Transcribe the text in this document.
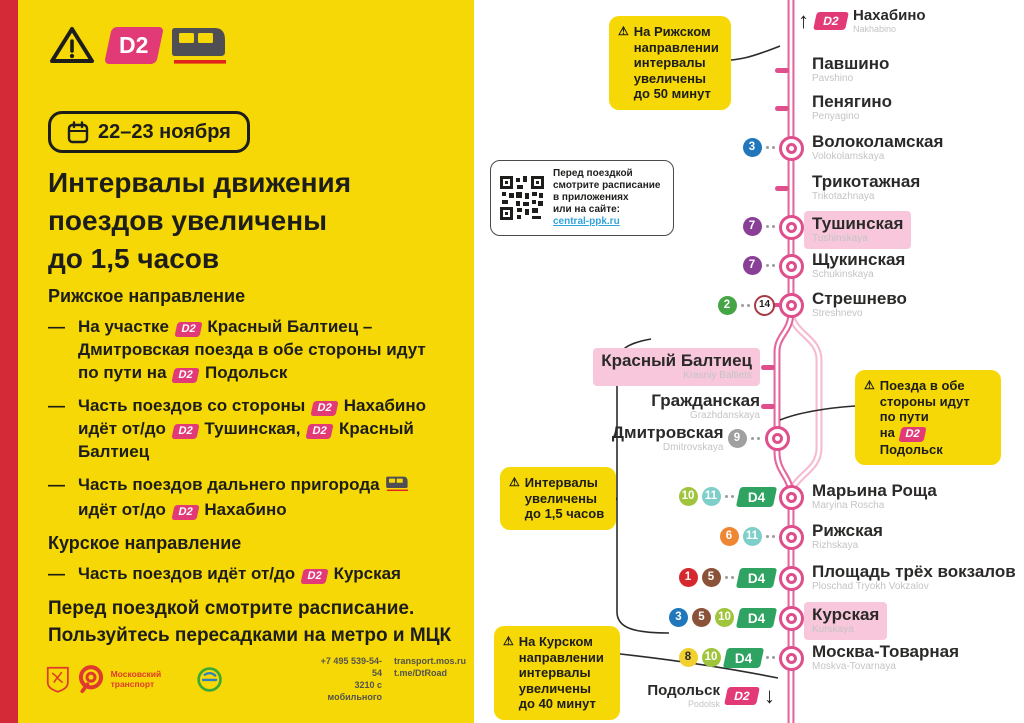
D2
22–23 ноября
Интервалы движения
поездов увеличены
до 1,5 часов
Рижское направление
— На участке D2 Красный Балтиец –
Дмитровская поезда в обе стороны идут
по пути на D2 Подольск
— Часть поездов со стороны D2 Нахабино
идёт от/до D2 Тушинская, D2 Красный
Балтиец
— Часть поездов дальнего пригорода
идёт от/до D2 Нахабино
Курское направление
— Часть поездов идёт от/до D2 Курская
Перед поездкой смотрите расписание.
Пользуйтесь пересадками на метро и МЦК
Московский транспорт
+7 495 539-54-54
3210 с мобильного
transport.mos.ru
t.me/DtRoad
Перед поездкой
смотрите расписание
в приложениях
или на сайте:
central-ppk.ru
↑	D2 Нахабино
Nakhabino
Подольск
Podolsk
D2 ↓
⚠ На Рижском
направлении
интервалы
увеличены
до 50 минут
⚠ Поезда в обе
стороны идут
по пути
на D2 Подольск
⚠ Интервалы
увеличены
до 1,5 часов
⚠ На Курском
направлении
интервалы
увеличены
до 40 минут
Павшино
Pavshino
Пенягино
Penyagino
Волоколамская
Volokolamskaya
3
Трикотажная
Trikotazhnaya
Тушинская
Tushinskaya
7
Щукинская
Schukinskaya
7
Стрешнево
Streshnevo
2	14
Красный Балтиец
Krasniy Baltiets
Гражданская
Grazhdanskaya
Дмитровская
Dmitrovskaya
9
Марьина Роща
Maryina Roscha
10 11 D4
Рижская
Rizhskaya
6	11
Площадь трёх вокзалов
Ploschad Tryokh Vokzalov
1	5	D4
Курская
Kurskaya
3	5	10 D4
Москва-Товарная
Moskva-Tovarnaya
8	10 D4
